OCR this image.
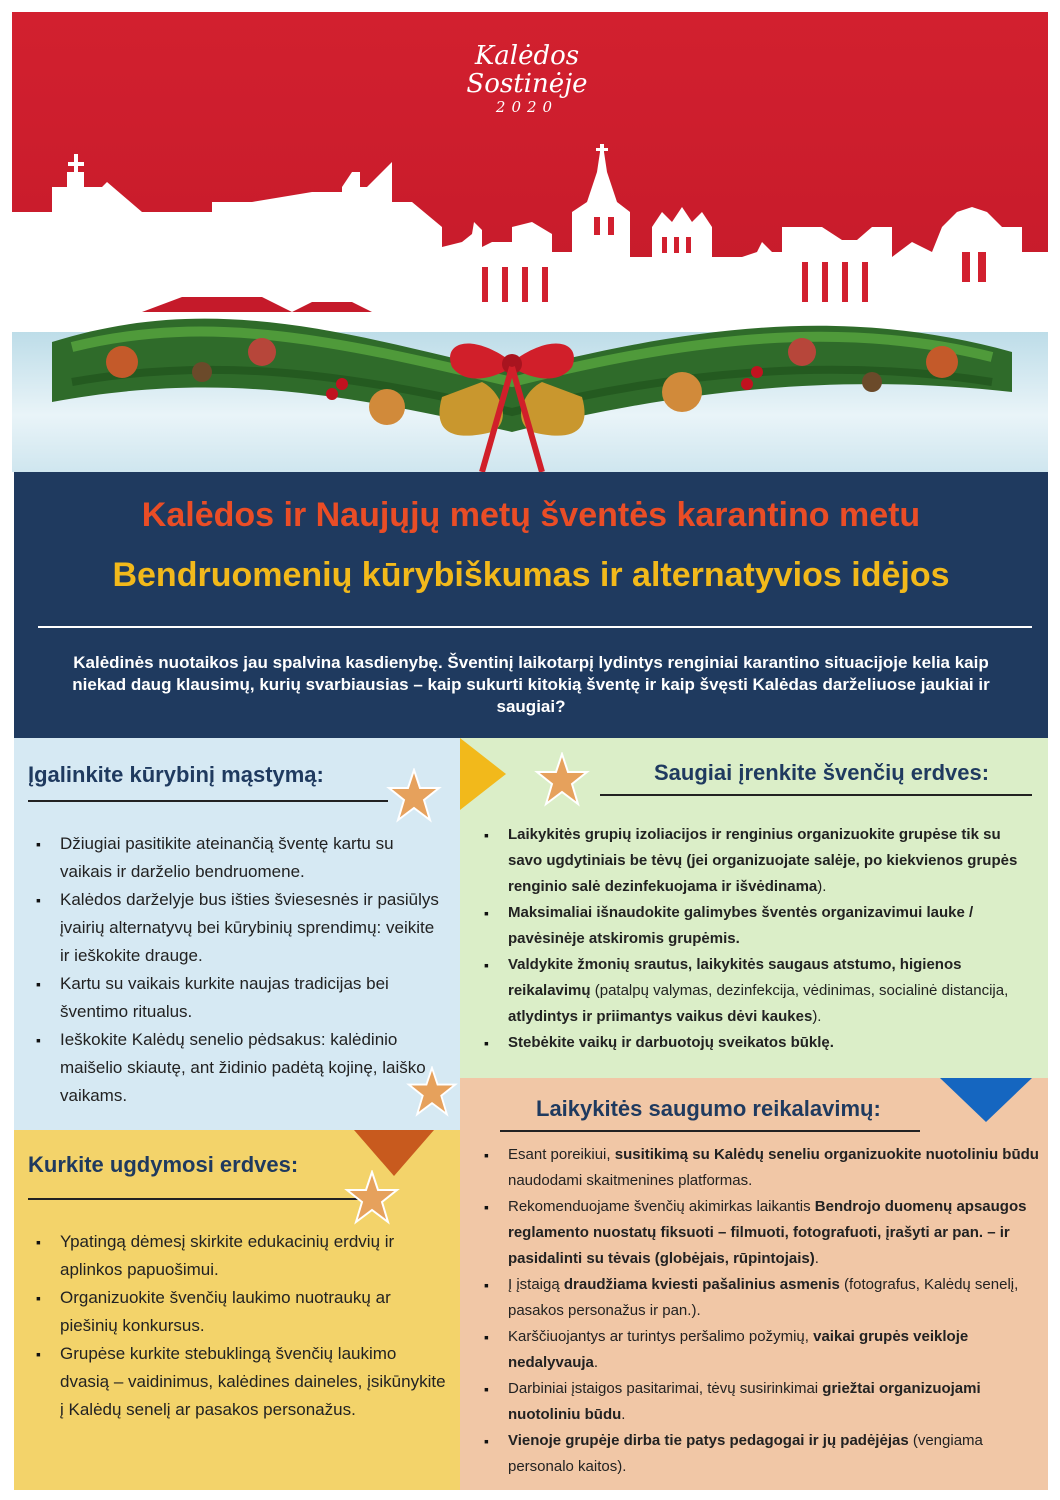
Kalėdos
Sostinėje
2020
Kalėdos ir Naujųjų metų šventės karantino metu
Bendruomenių kūrybiškumas ir alternatyvios idėjos
Kalėdinės nuotaikos jau spalvina kasdienybę. Šventinį laikotarpį lydintys renginiai karantino situacijoje kelia kaip niekad daug klausimų, kurių svarbiausias – kaip sukurti kitokią šventę ir kaip švęsti Kalėdas darželiuose jaukiai ir saugiai?
Įgalinkite kūrybinį mąstymą:
▪ Džiugiai pasitikite ateinančią šventę kartu su vaikais ir darželio bendruomene.
▪ Kalėdos darželyje bus išties šviesesnės ir pasiūlys įvairių alternatyvų bei kūrybinių sprendimų: veikite ir ieškokite drauge.
▪ Kartu su vaikais kurkite naujas tradicijas bei šventimo ritualus.
▪ Ieškokite Kalėdų senelio pėdsakus: kalėdinio maišelio skiautę, ant židinio padėtą kojinę, laiško vaikams.
Saugiai įrenkite švenčių erdves:
▪ Laikykitės grupių izoliacijos ir renginius organizuokite grupėse tik su savo ugdytiniais be tėvų (jei organizuojate salėje, po kiekvienos grupės renginio salė dezinfekuojama ir išvėdinama).
▪ Maksimaliai išnaudokite galimybes šventės organizavimui lauke / pavėsinėje atskiromis grupėmis.
▪ Valdykite žmonių srautus, laikykitės saugaus atstumo, higienos reikalavimų (patalpų valymas, dezinfekcija, vėdinimas, socialinė distancija, atlydintys ir priimantys vaikus dėvi kaukes).
▪ Stebėkite vaikų ir darbuotojų sveikatos būklę.
Kurkite ugdymosi erdves:
▪ Ypatingą dėmesį skirkite edukacinių erdvių ir aplinkos papuošimui.
▪ Organizuokite švenčių laukimo nuotraukų ar piešinių konkursus.
▪ Grupėse kurkite stebuklingą švenčių laukimo dvasią – vaidinimus, kalėdines daineles, įsikūnykite į Kalėdų senelį ar pasakos personažus.
Laikykitės saugumo reikalavimų:
▪ Esant poreikiui, susitikimą su Kalėdų seneliu organizuokite nuotoliniu būdu naudodami skaitmenines platformas.
▪ Rekomenduojame švenčių akimirkas laikantis Bendrojo duomenų apsaugos reglamento nuostatų fiksuoti – filmuoti, fotografuoti, įrašyti ar pan. – ir pasidalinti su tėvais (globėjais, rūpintojais).
▪ Į įstaigą draudžiama kviesti pašalinius asmenis (fotografus, Kalėdų senelį, pasakos personažus ir pan.).
▪ Karščiuojantys ar turintys peršalimo požymių, vaikai grupės veikloje nedalyvauja.
▪ Darbiniai įstaigos pasitarimai, tėvų susirinkimai griežtai organizuojami nuotoliniu būdu.
▪ Vienoje grupėje dirba tie patys pedagogai ir jų padėjėjas (vengiama personalo kaitos).
